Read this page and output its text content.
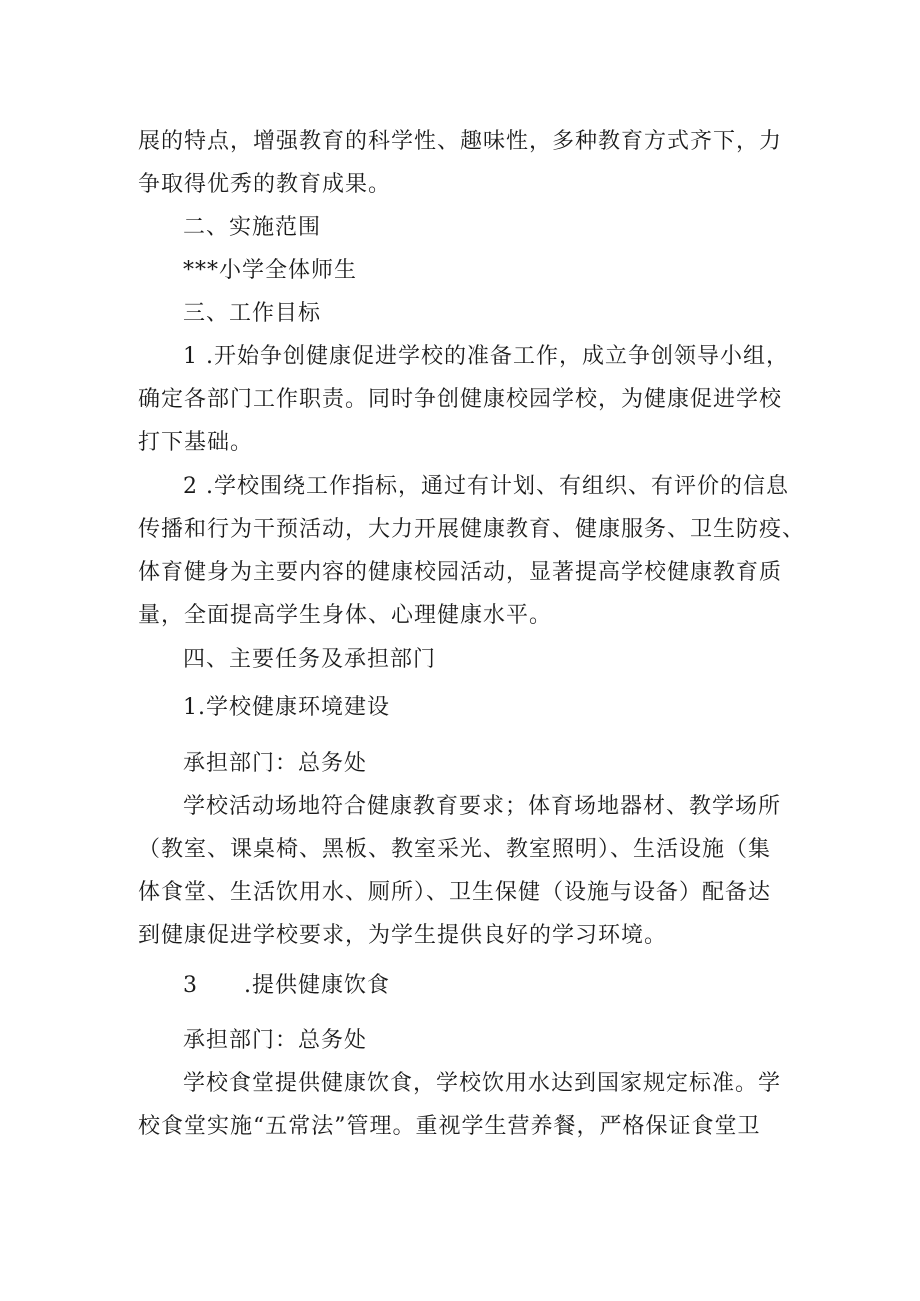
展的特点，增强教育的科学性、趣味性，多种教育方式齐下，力
争取得优秀的教育成果。
二、实施范围
***小学全体师生
三、工作目标
1 .开始争创健康促进学校的准备工作，成立争创领导小组，
确定各部门工作职责。同时争创健康校园学校，为健康促进学校
打下基础。
2 .学校围绕工作指标，通过有计划、有组织、有评价的信息
传播和行为干预活动，大力开展健康教育、健康服务、卫生防疫、
体育健身为主要内容的健康校园活动，显著提高学校健康教育质
量，全面提高学生身体、心理健康水平。
四、主要任务及承担部门
1.学校健康环境建设
承担部门：总务处
学校活动场地符合健康教育要求；体育场地器材、教学场所
（教室、课桌椅、黑板、教室采光、教室照明）、生活设施（集
体食堂、生活饮用水、厕所）、卫生保健（设施与设备）配备达
到健康促进学校要求，为学生提供良好的学习环境。
3　　.提供健康饮食
承担部门：总务处
学校食堂提供健康饮食，学校饮用水达到国家规定标准。学
校食堂实施“五常法”管理。重视学生营养餐，严格保证食堂卫
